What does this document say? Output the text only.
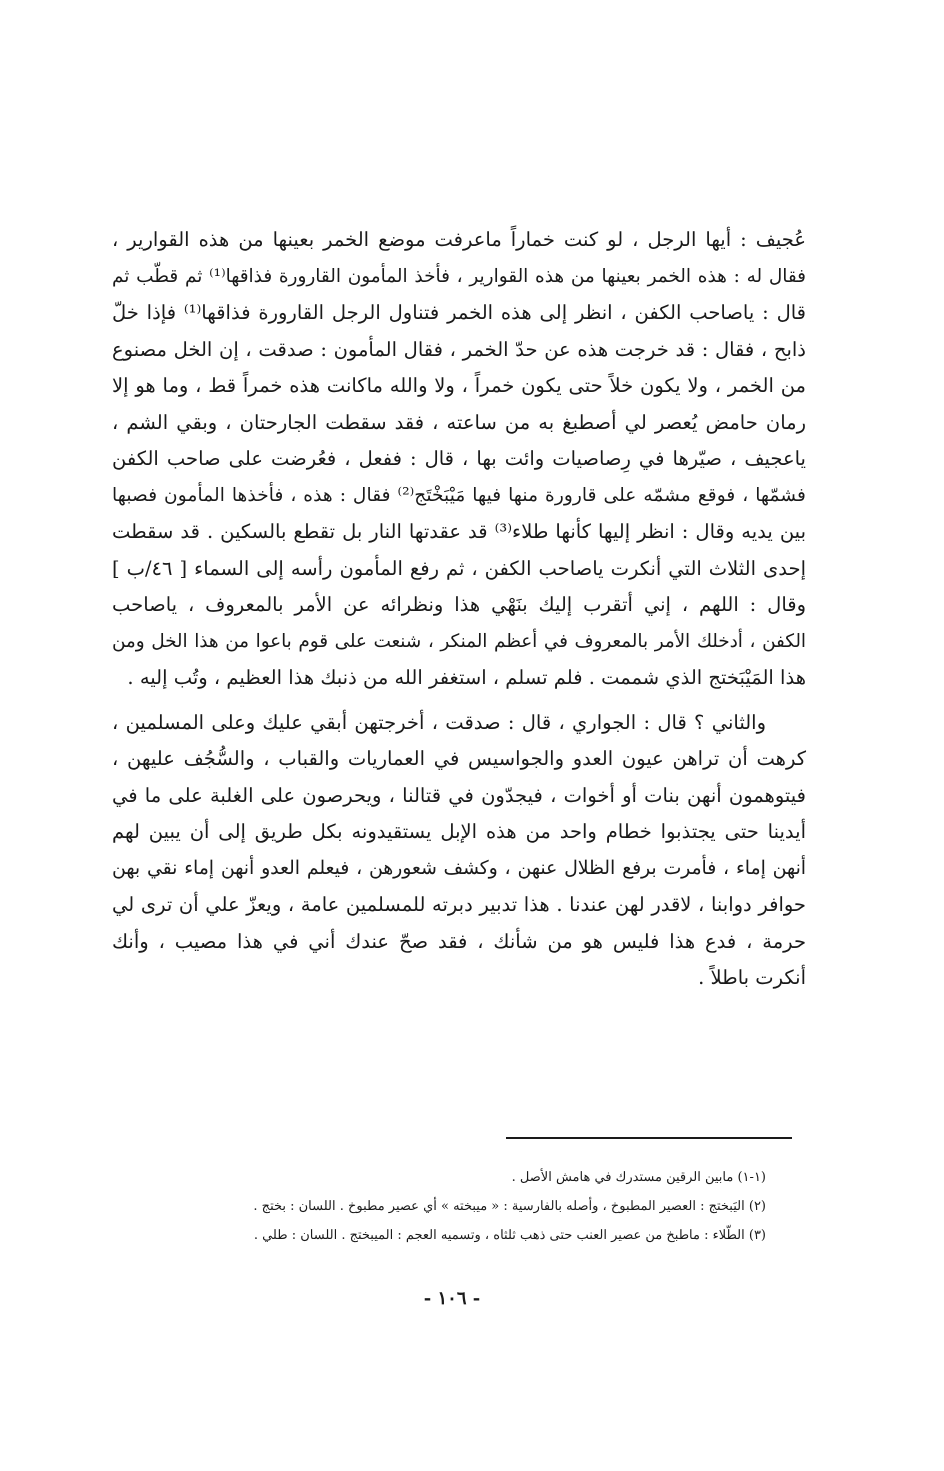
عُجيف : أيها الرجل ، لو كنت خماراً ماعرفت موضع الخمر بعينها من هذه القوارير ،
فقال له : هذه الخمر بعينها من هذه القوارير ، فأخذ المأمون القارورة فذاقها⁽¹⁾ ثم قطّب ثم
قال : ياصاحب الكفن ، انظر إلى هذه الخمر فتناول الرجل القارورة فذاقها⁽¹⁾ فإذا خلّ
ذابح ، فقال : قد خرجت هذه عن حدّ الخمر ، فقال المأمون : صدقت ، إن الخل مصنوع
من الخمر ، ولا يكون خلاً حتى يكون خمراً ، ولا والله ماكانت هذه خمراً قط ، وما هو إلا
رمان حامض يُعصر لي أصطبغ به من ساعته ، فقد سقطت الجارحتان ، وبقي الشم ،
ياعجيف ، صيّرها في رِصاصيات وائت بها ، قال : ففعل ، فعُرضت على صاحب الكفن
فشمّها ، فوقع مشمّه على قارورة منها فيها مَيْبَخْتَج⁽²⁾ فقال : هذه ، فأخذها المأمون فصبها
بين يديه وقال : انظر إليها كأنها طلاء⁽³⁾ قد عقدتها النار بل تقطع بالسكين . قد سقطت
إحدى الثلاث التي أنكرت ياصاحب الكفن ، ثم رفع المأمون رأسه إلى السماء [ ٤٦/ب ]
وقال : اللهم ، إني أتقرب إليك بنَهْي هذا ونظرائه عن الأمر بالمعروف ، ياصاحب
الكفن ، أدخلك الأمر بالمعروف في أعظم المنكر ، شنعت على قوم باعوا من هذا الخل ومن
هذا المَيْبَختج الذي شممت . فلم تسلم ، استغفر الله من ذنبك هذا العظيم ، وتُب إليه .
والثاني ؟ قال : الجواري ، قال : صدقت ، أخرجتهن أبقي عليك وعلى المسلمين ،
كرهت أن تراهن عيون العدو والجواسيس في العماريات والقباب ، والسُّجُف عليهن ،
فيتوهمون أنهن بنات أو أخوات ، فيجدّون في قتالنا ، ويحرصون على الغلبة على ما في
أيدينا حتى يجتذبوا خطام واحد من هذه الإبل يستقيدونه بكل طريق إلى أن يبين لهم
أنهن إماء ، فأمرت برفع الظلال عنهن ، وكشف شعورهن ، فيعلم العدو أنهن إماء نقي بهن
حوافر دوابنا ، لاقدر لهن عندنا . هذا تدبير دبرته للمسلمين عامة ، ويعزّ علي أن ترى لي
حرمة ، فدع هذا فليس هو من شأنك ، فقد صحّ عندك أني في هذا مصيب ، وأنك
أنكرت باطلاً .
(١-١) مابين الرقين مستدرك في هامش الأصل .
(٢) اليَبختج : العصير المطبوخ ، وأصله بالفارسية : « ميبخته » أي عصير مطبوخ . اللسان : بختج .
(٣) الطّلاء : ماطبخ من عصير العنب حتى ذهب ثلثاه ، وتسميه العجم : الميبختج . اللسان : طلي .
- ١٠٦ -
